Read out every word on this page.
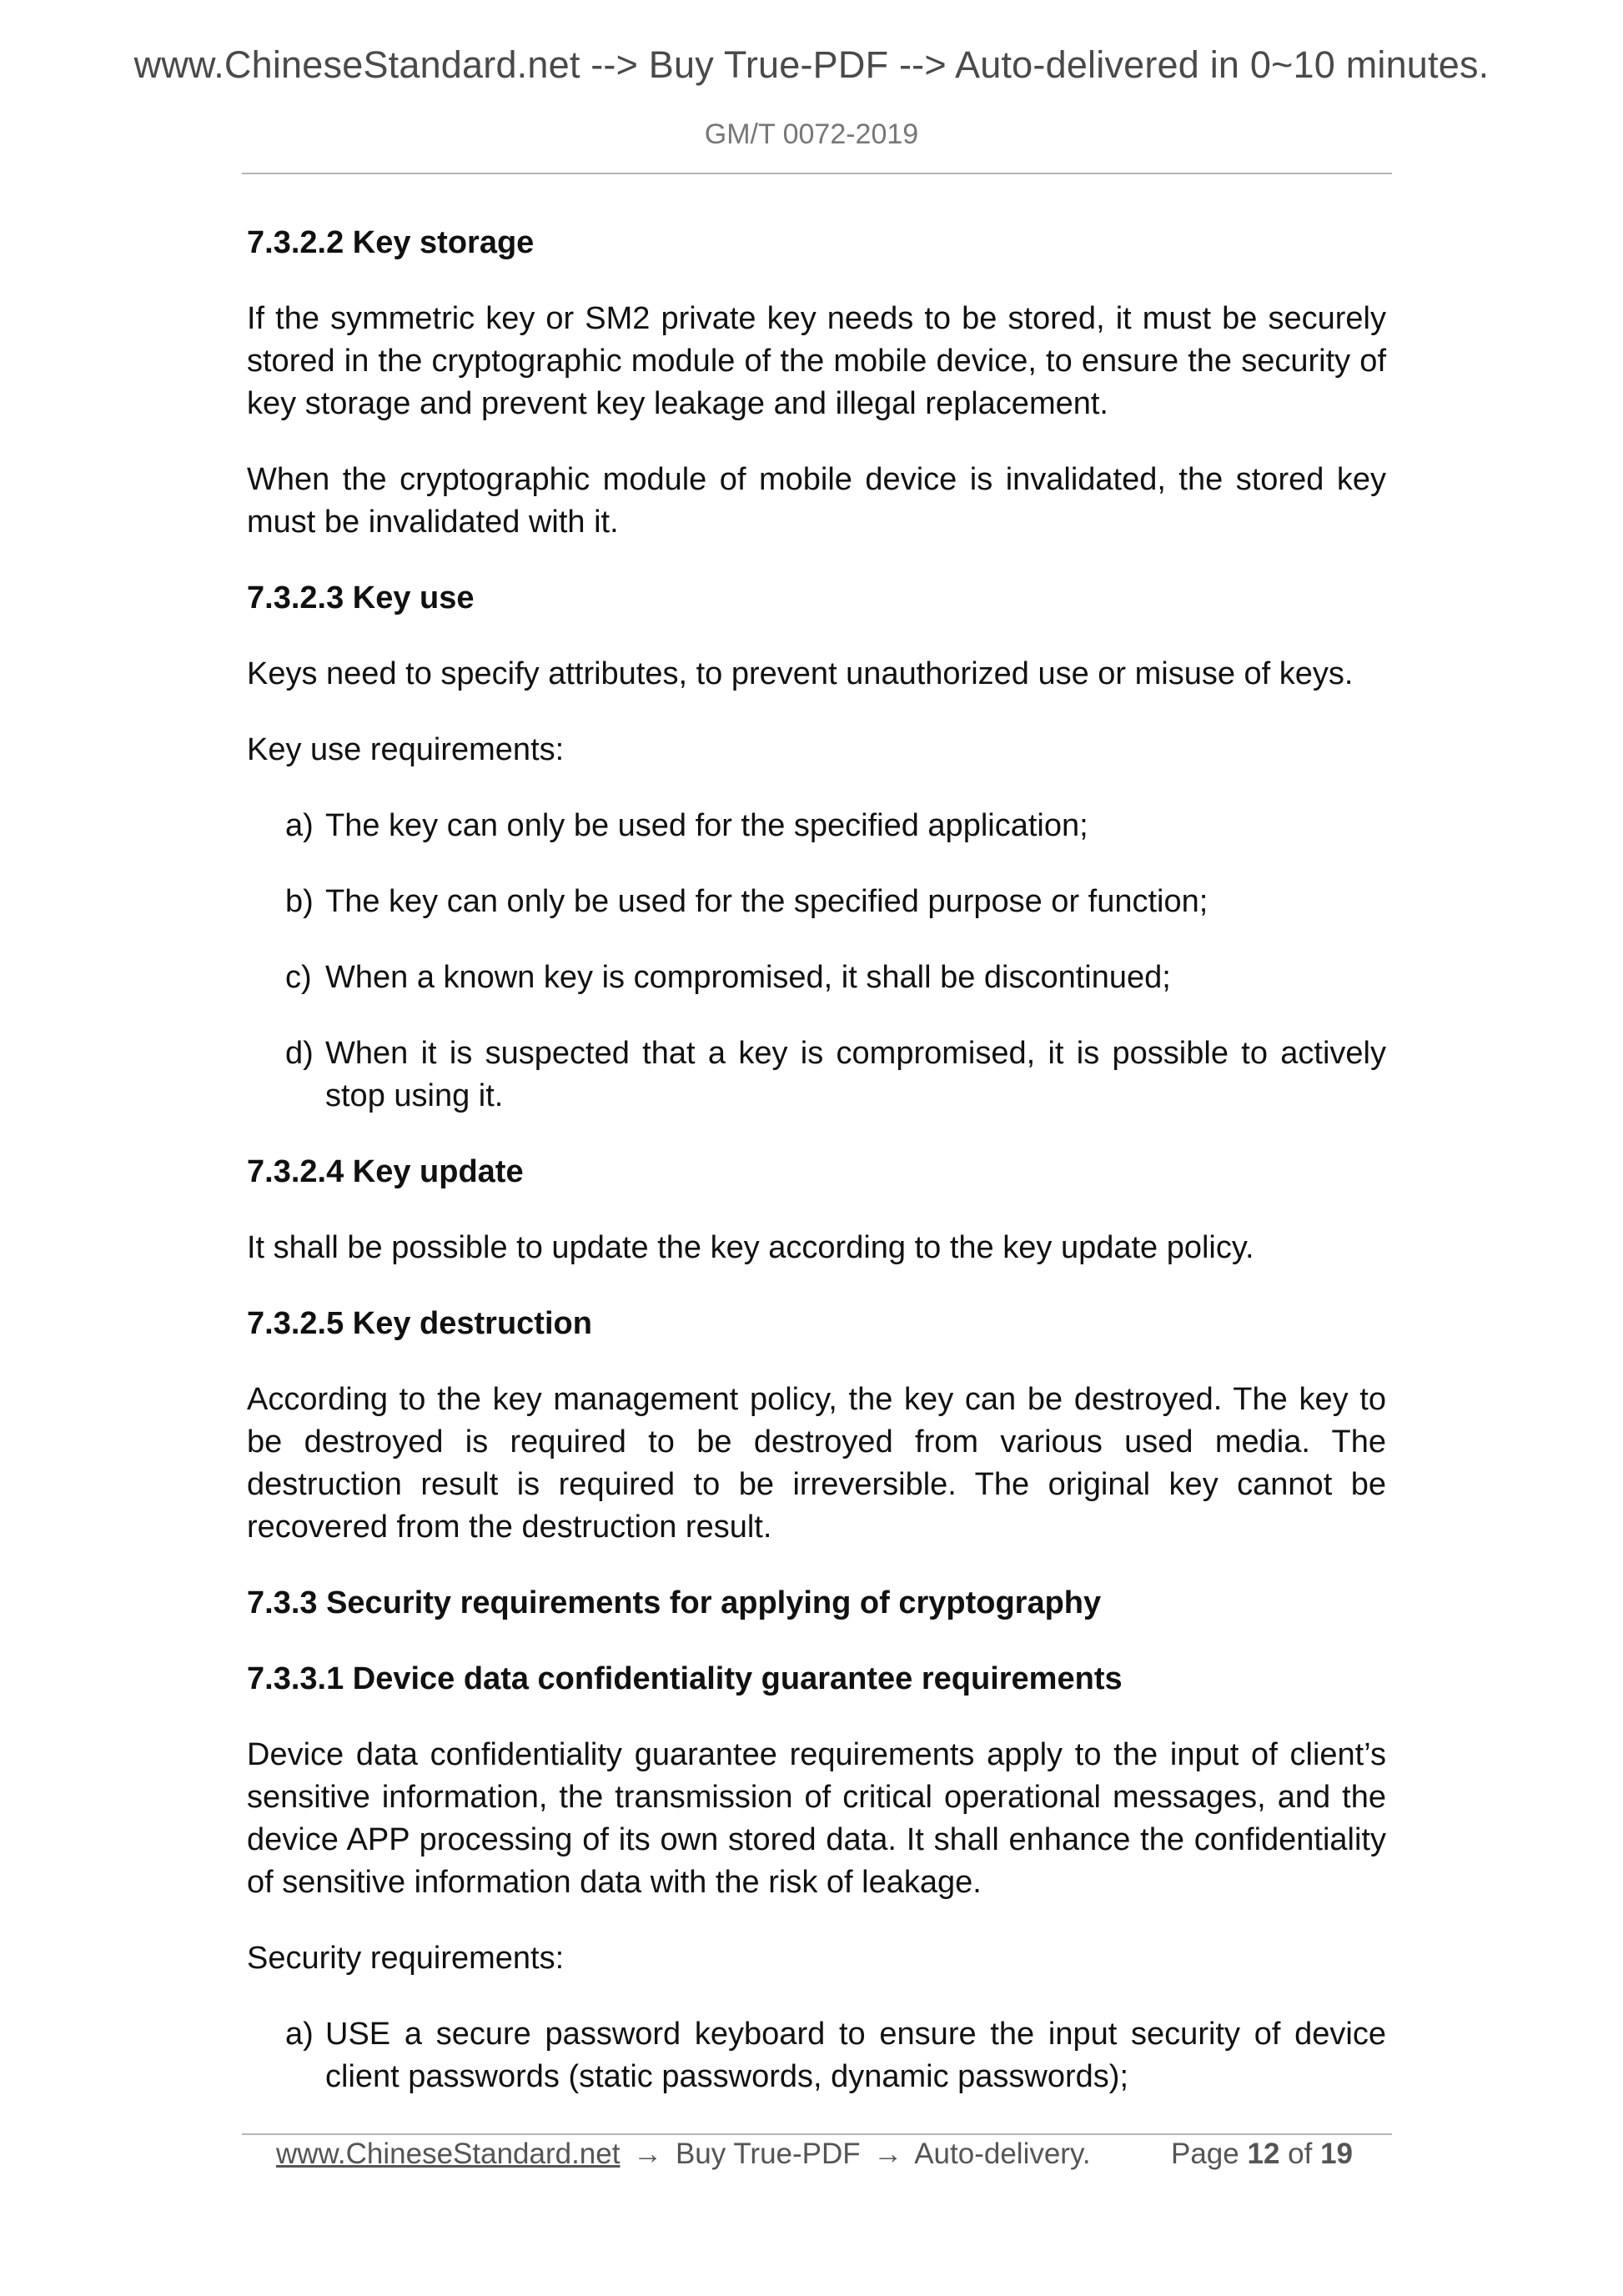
www.ChineseStandard.net --> Buy True-PDF --> Auto-delivered in 0~10 minutes.
GM/T 0072-2019
7.3.2.2 Key storage
If the symmetric key or SM2 private key needs to be stored, it must be securely stored in the cryptographic module of the mobile device, to ensure the security of key storage and prevent key leakage and illegal replacement.
When the cryptographic module of mobile device is invalidated, the stored key must be invalidated with it.
7.3.2.3 Key use
Keys need to specify attributes, to prevent unauthorized use or misuse of keys.
Key use requirements:
a) The key can only be used for the specified application;
b) The key can only be used for the specified purpose or function;
c) When a known key is compromised, it shall be discontinued;
d) When it is suspected that a key is compromised, it is possible to actively stop using it.
7.3.2.4 Key update
It shall be possible to update the key according to the key update policy.
7.3.2.5 Key destruction
According to the key management policy, the key can be destroyed. The key to be destroyed is required to be destroyed from various used media. The destruction result is required to be irreversible. The original key cannot be recovered from the destruction result.
7.3.3 Security requirements for applying of cryptography
7.3.3.1 Device data confidentiality guarantee requirements
Device data confidentiality guarantee requirements apply to the input of client’s sensitive information, the transmission of critical operational messages, and the device APP processing of its own stored data. It shall enhance the confidentiality of sensitive information data with the risk of leakage.
Security requirements:
a) USE a secure password keyboard to ensure the input security of device client passwords (static passwords, dynamic passwords);
www.ChineseStandard.net → Buy True-PDF → Auto-delivery.	Page 12 of 19
